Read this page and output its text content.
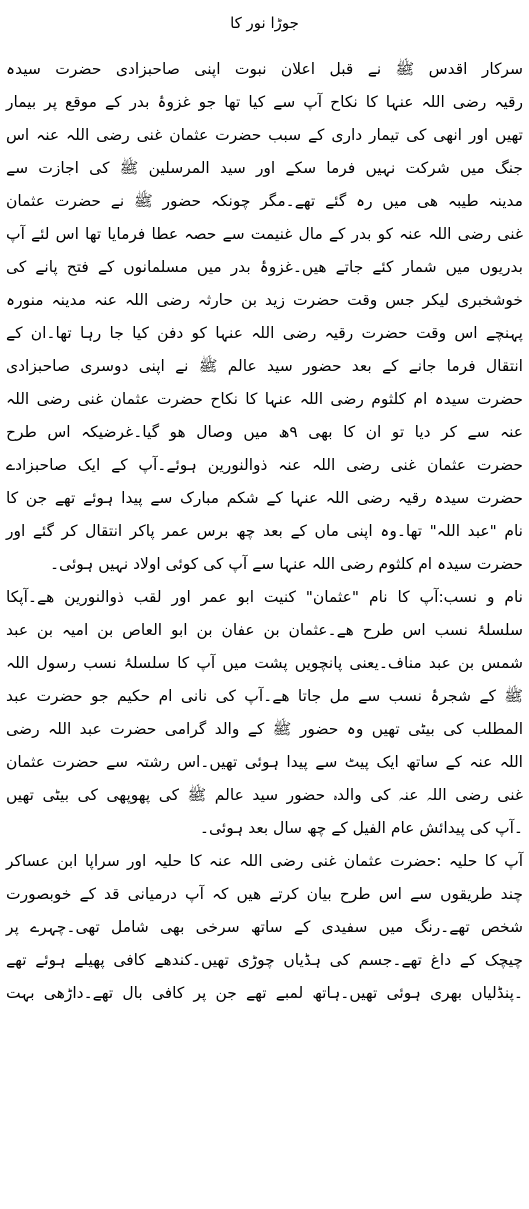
جوڑا نور کا
سرکار اقدس ﷺ نے قبل اعلان نبوت اپنی صاحبزادی حضرت سیدہ
رقیہ رضی اللہ عنہا کا نکاح آپ سے کیا تھا جو غزوۂ بدر کے موقع پر بیمار
تھیں اور انھی کی تیمار داری کے سبب حضرت عثمان غنی رضی اللہ عنہ اس
جنگ میں شرکت نہیں فرما سکے اور سید المرسلین ﷺ کی اجازت سے
مدینہ طیبہ ھی میں رہ گئے تھے۔مگر چونکہ حضور ﷺ نے حضرت عثمان
غنی رضی اللہ عنہ کو بدر کے مال غنیمت سے حصہ عطا فرمایا تھا اس لئے آپ
بدریوں میں شمار کئے جاتے ھیں۔غزوۂ بدر میں مسلمانوں کے فتح پانے کی
خوشخبری لیکر جس وقت حضرت زید بن حارثہ رضی اللہ عنہ مدینہ منورہ
پہنچے اس وقت حضرت رقیہ رضی اللہ عنہا کو دفن کیا جا رہا تھا۔ان کے
انتقال فرما جانے کے بعد حضور سید عالم ﷺ نے اپنی دوسری صاحبزادی
حضرت سیدہ ام کلثوم رضی اللہ عنہا کا نکاح حضرت عثمان غنی رضی اللہ
عنہ سے کر دیا تو ان کا بھی ۹ھ میں وصال ھو گیا۔غرضیکہ اس طرح
حضرت عثمان غنی رضی اللہ عنہ ذوالنورین ہوئے۔آپ کے ایک صاحبزادے
حضرت سیدہ رقیہ رضی اللہ عنہا کے شکم مبارک سے پیدا ہوئے تھے جن کا
نام "عبد اللہ" تھا۔وہ اپنی ماں کے بعد چھ برس عمر پاکر انتقال کر گئے اور
حضرت سیدہ ام کلثوم رضی اللہ عنہا سے آپ کی کوئی اولاد نہیں ہوئی۔
نام و نسب:آپ کا نام "عثمان" کنیت ابو عمر اور لقب ذوالنورین ھے۔آپکا
سلسلۂ نسب اس طرح ھے۔عثمان بن عفان بن ابو العاص بن امیہ بن عبد
شمس بن عبد مناف۔یعنی پانچویں پشت میں آپ کا سلسلۂ نسب رسول اللہ
ﷺ کے شجرۂ نسب سے مل جاتا ھے۔آپ کی نانی ام حکیم جو حضرت عبد
المطلب کی بیٹی تھیں وہ حضور ﷺ کے والد گرامی حضرت عبد اللہ رضی
اللہ عنہ کے ساتھ ایک پیٹ سے پیدا ہوئی تھیں۔اس رشتہ سے حضرت عثمان
غنی رضی اللہ عنہ کی والدہ حضور سید عالم ﷺ کی پھوپھی کی بیٹی تھیں
۔آپ کی پیدائش عام الفیل کے چھ سال بعد ہوئی۔
آپ کا حلیہ :حضرت عثمان غنی رضی اللہ عنہ کا حلیہ اور سراپا ابن عساکر
چند طریقوں سے اس طرح بیان کرتے ھیں کہ آپ درمیانی قد کے خوبصورت
شخص تھے۔رنگ میں سفیدی کے ساتھ سرخی بھی شامل تھی۔چہرے پر
چیچک کے داغ تھے۔جسم کی ہڈیاں چوڑی تھیں۔کندھے کافی پھیلے ہوئے تھے
۔پنڈلیاں بھری ہوئی تھیں۔ہاتھ لمبے تھے جن پر کافی بال تھے۔داڑھی بہت
